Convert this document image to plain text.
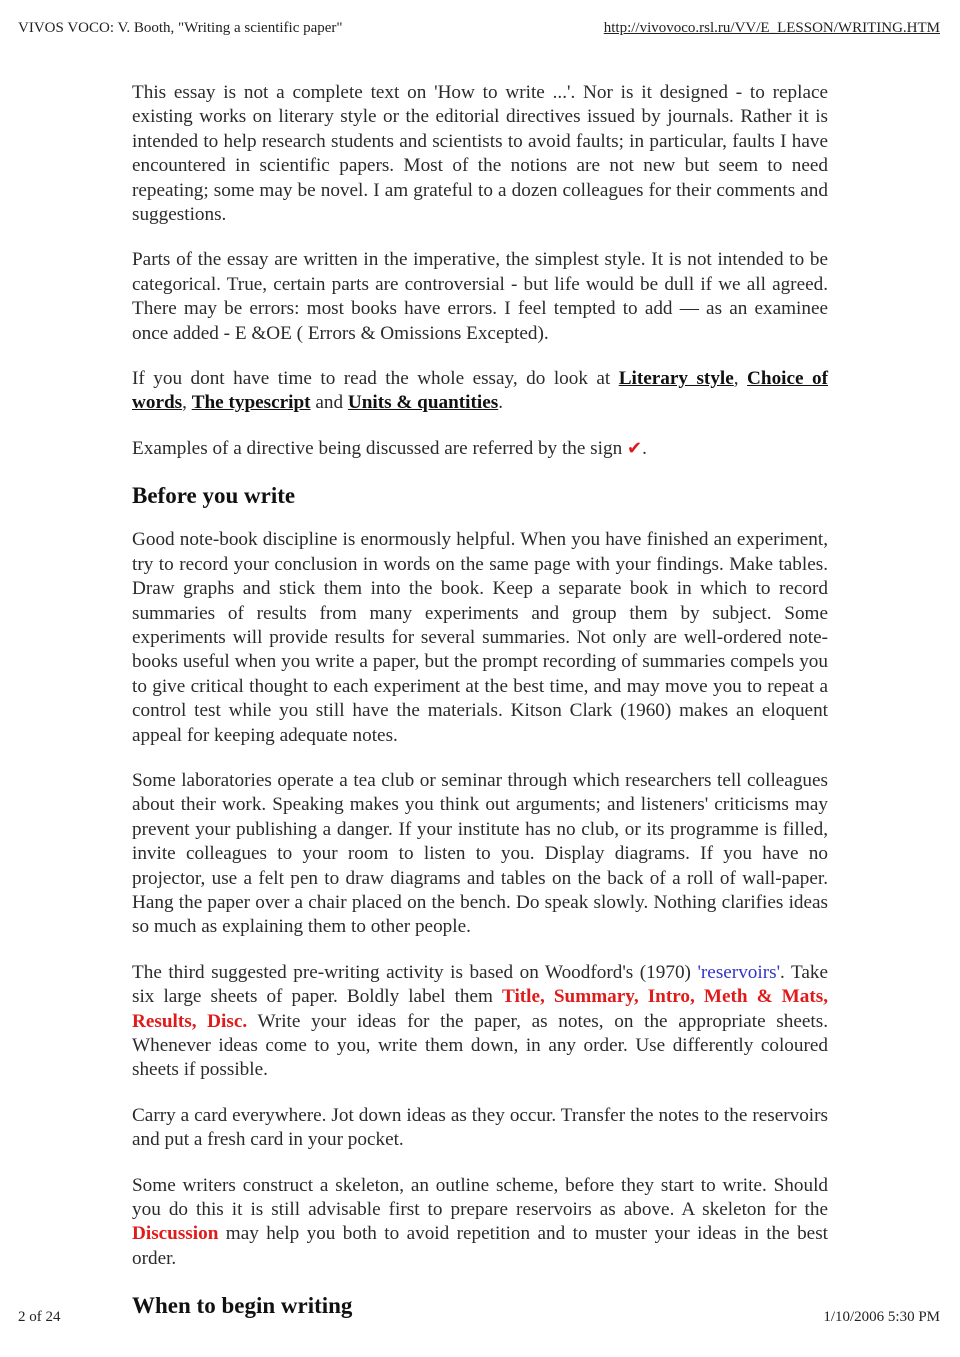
VIVOS VOCO: V. Booth, "Writing a scientific paper"	http://vivovoco.rsl.ru/VV/E_LESSON/WRITING.HTM

This essay is not a complete text on 'How to write ...'. Nor is it designed - to replace existing works on literary style or the editorial directives issued by journals. Rather it is intended to help research students and scientists to avoid faults; in particular, faults I have encountered in scientific papers. Most of the notions are not new but seem to need repeating; some may be novel. I am grateful to a dozen colleagues for their comments and suggestions.

Parts of the essay are written in the imperative, the simplest style. It is not intended to be categorical. True, certain parts are controversial - but life would be dull if we all agreed. There may be errors: most books have errors. I feel tempted to add — as an examinee once added - E &OE ( Errors & Omissions Excepted).

If you dont have time to read the whole essay, do look at Literary style, Choice of words, The typescript and Units & quantities.

Examples of a directive being discussed are referred by the sign ✔.

Before you write

Good note-book discipline is enormously helpful. When you have finished an experiment, try to record your conclusion in words on the same page with your findings. Make tables. Draw graphs and stick them into the book. Keep a separate book in which to record summaries of results from many experiments and group them by subject. Some experiments will provide results for several summaries. Not only are well-ordered note-books useful when you write a paper, but the prompt recording of summaries compels you to give critical thought to each experiment at the best time, and may move you to repeat a control test while you still have the materials. Kitson Clark (1960) makes an eloquent appeal for keeping adequate notes.

Some laboratories operate a tea club or seminar through which researchers tell colleagues about their work. Speaking makes you think out arguments; and listeners' criticisms may prevent your publishing a danger. If your institute has no club, or its programme is filled, invite colleagues to your room to listen to you. Display diagrams. If you have no projector, use a felt pen to draw diagrams and tables on the back of a roll of wall-paper. Hang the paper over a chair placed on the bench. Do speak slowly. Nothing clarifies ideas so much as explaining them to other people.

The third suggested pre-writing activity is based on Woodford's (1970) 'reservoirs'. Take six large sheets of paper. Boldly label them Title, Summary, Intro, Meth & Mats, Results, Disc. Write your ideas for the paper, as notes, on the appropriate sheets. Whenever ideas come to you, write them down, in any order. Use differently coloured sheets if possible.

Carry a card everywhere. Jot down ideas as they occur. Transfer the notes to the reservoirs and put a fresh card in your pocket.

Some writers construct a skeleton, an outline scheme, before they start to write. Should you do this it is still advisable first to prepare reservoirs as above. A skeleton for the Discussion may help you both to avoid repetition and to muster your ideas in the best order.

When to begin writing
2 of 24	1/10/2006 5:30 PM
